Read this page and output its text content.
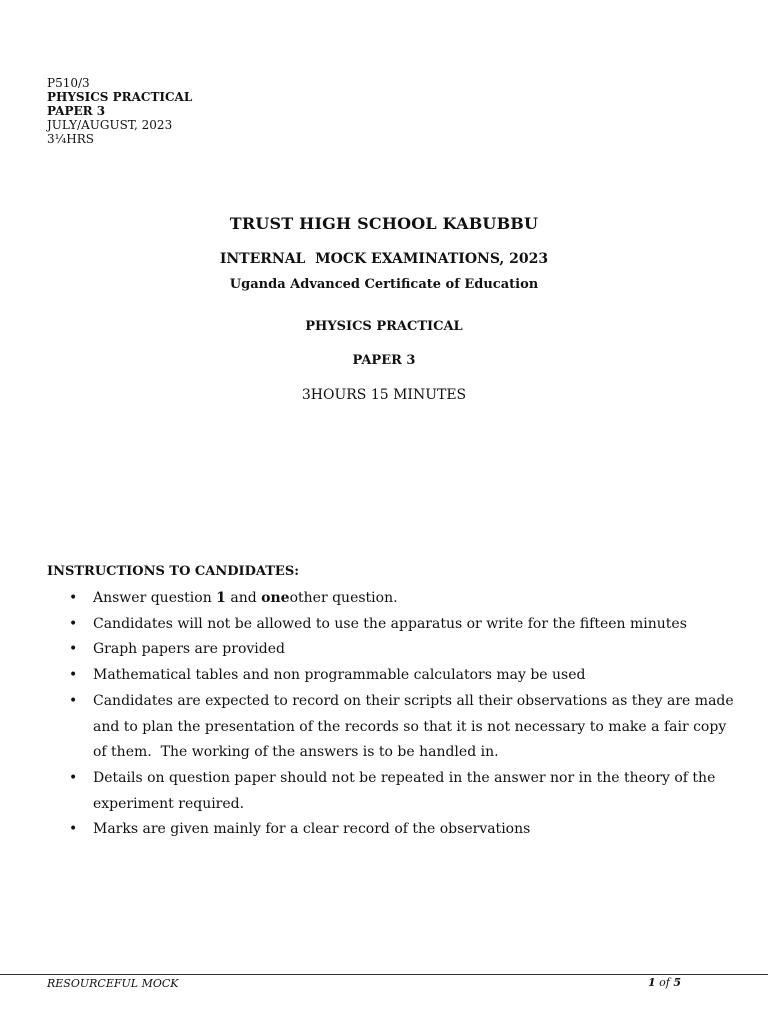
P510/3
PHYSICS PRACTICAL
PAPER 3
JULY/AUGUST, 2023
3¼HRS
TRUST HIGH SCHOOL KABUBBU
INTERNAL  MOCK EXAMINATIONS, 2023
Uganda Advanced Certificate of Education
PHYSICS PRACTICAL
PAPER 3
3HOURS 15 MINUTES
INSTRUCTIONS TO CANDIDATES:
• Answer question 1 and oneother question.
• Candidates will not be allowed to use the apparatus or write for the fifteen minutes
• Graph papers are provided
• Mathematical tables and non programmable calculators may be used
• Candidates are expected to record on their scripts all their observations as they are made and to plan the presentation of the records so that it is not necessary to make a fair copy of them.  The working of the answers is to be handled in.
• Details on question paper should not be repeated in the answer nor in the theory of the experiment required.
• Marks are given mainly for a clear record of the observations
RESOURCEFUL MOCK	1 of 5
